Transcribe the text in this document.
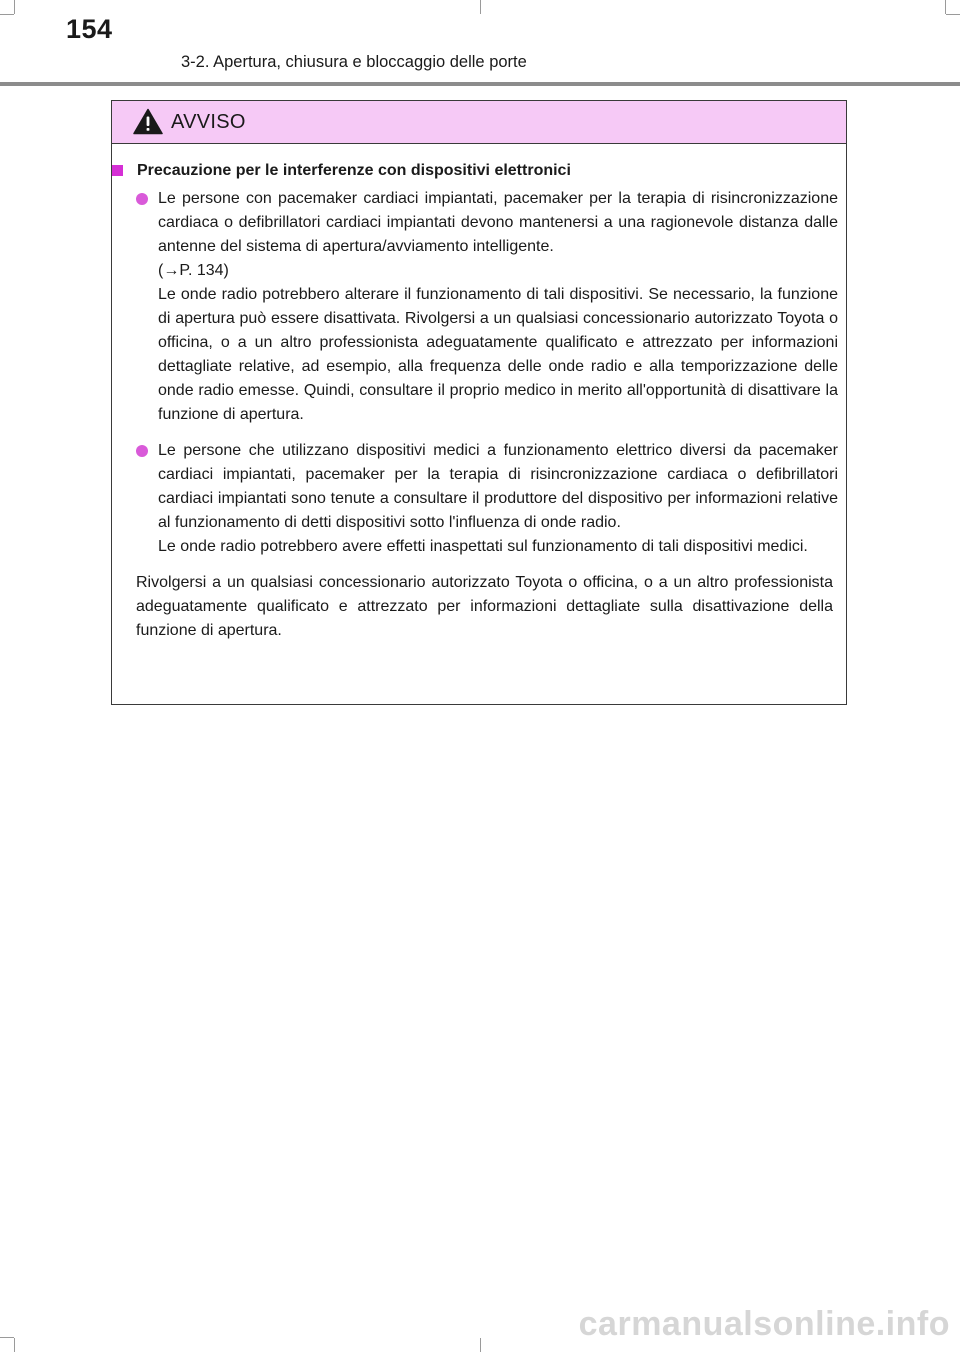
154
3-2. Apertura, chiusura e bloccaggio delle porte
AVVISO
Precauzione per le interferenze con dispositivi elettronici

Le persone con pacemaker cardiaci impiantati, pacemaker per la terapia di risincronizzazione cardiaca o defibrillatori cardiaci impiantati devono mantenersi a una ragionevole distanza dalle antenne del sistema di apertura/avviamento intelligente.

(→P. 134)

Le onde radio potrebbero alterare il funzionamento di tali dispositivi. Se necessario, la funzione di apertura può essere disattivata. Rivolgersi a un qualsiasi concessionario autorizzato Toyota o officina, o a un altro professionista adeguatamente qualificato e attrezzato per informazioni dettagliate relative, ad esempio, alla frequenza delle onde radio e alla temporizzazione delle onde radio emesse. Quindi, consultare il proprio medico in merito all'opportunità di disattivare la funzione di apertura.

Le persone che utilizzano dispositivi medici a funzionamento elettrico diversi da pacemaker cardiaci impiantati, pacemaker per la terapia di risincronizzazione cardiaca o defibrillatori cardiaci impiantati sono tenute a consultare il produttore del dispositivo per informazioni relative al funzionamento di detti dispositivi sotto l'influenza di onde radio.

Le onde radio potrebbero avere effetti inaspettati sul funzionamento di tali dispositivi medici.

Rivolgersi a un qualsiasi concessionario autorizzato Toyota o officina, o a un altro professionista adeguatamente qualificato e attrezzato per informazioni dettagliate sulla disattivazione della funzione di apertura.
carmanualsonline.info
